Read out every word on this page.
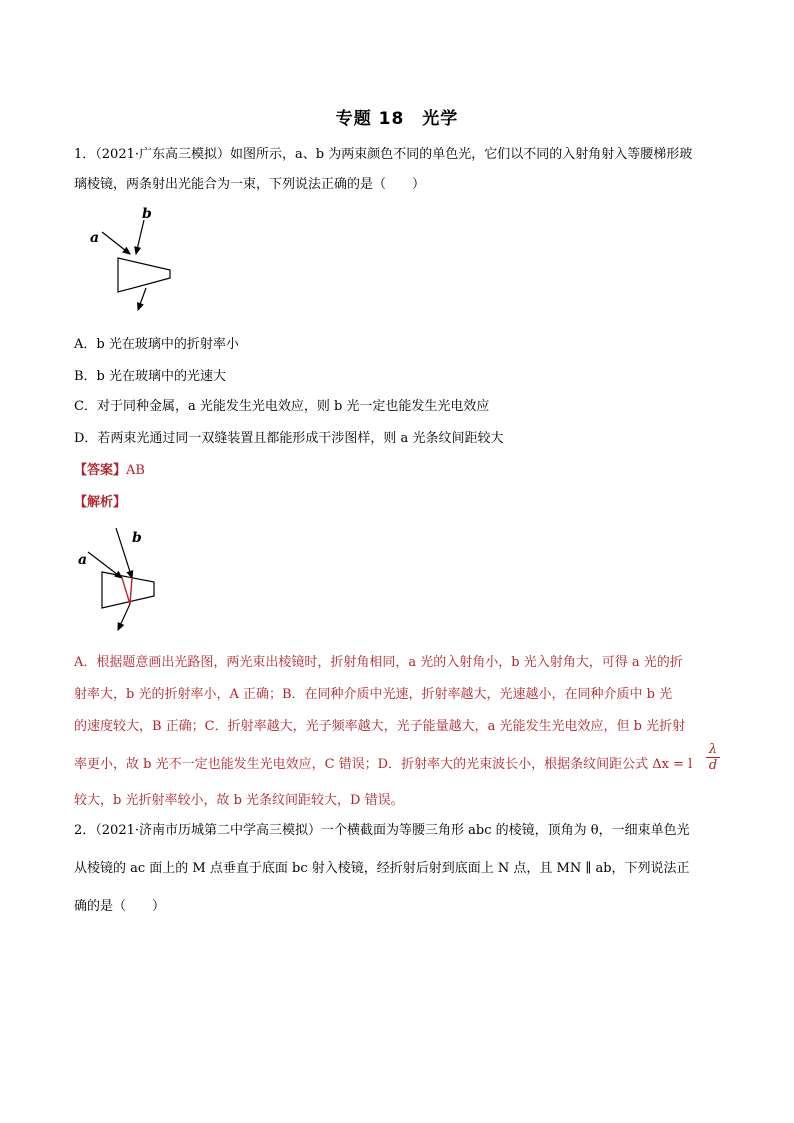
专题 18　光学
1．（2021·广东高三模拟）如图所示，a、b 为两束颜色不同的单色光，它们以不同的入射角射入等腰梯形玻
璃棱镜，两条射出光能合为一束，下列说法正确的是（　　）
a
b
A．b 光在玻璃中的折射率小
B．b 光在玻璃中的光速大
C．对于同种金属，a 光能发生光电效应，则 b 光一定也能发生光电效应
D．若两束光通过同一双缝装置且都能形成干涉图样，则 a 光条纹间距较大
【答案】AB
【解析】
a
b
A．根据题意画出光路图，两光束出棱镜时，折射角相同，a 光的入射角小，b 光入射角大，可得 a 光的折
射率大，b 光的折射率小，A 正确；B．在同种介质中光速，折射率越大，光速越小，在同种介质中 b 光
的速度较大，B 正确；C．折射率越大，光子频率越大，光子能量越大，a 光能发生光电效应，但 b 光折射
率更小，故 b 光不一定也能发生光电效应，C 错误；D．折射率大的光束波长小，根据条纹间距公式 Δx = l $\frac{\lambda}{d}$
较大，b 光折射率较小，故 b 光条纹间距较大，D 错误。
2．（2021·济南市历城第二中学高三模拟）一个横截面为等腰三角形 abc 的棱镜，顶角为 θ，一细束单色光
从棱镜的 ac 面上的 M 点垂直于底面 bc 射入棱镜，经折射后射到底面上 N 点，且 MN ∥ ab，下列说法正
确的是（　　）
